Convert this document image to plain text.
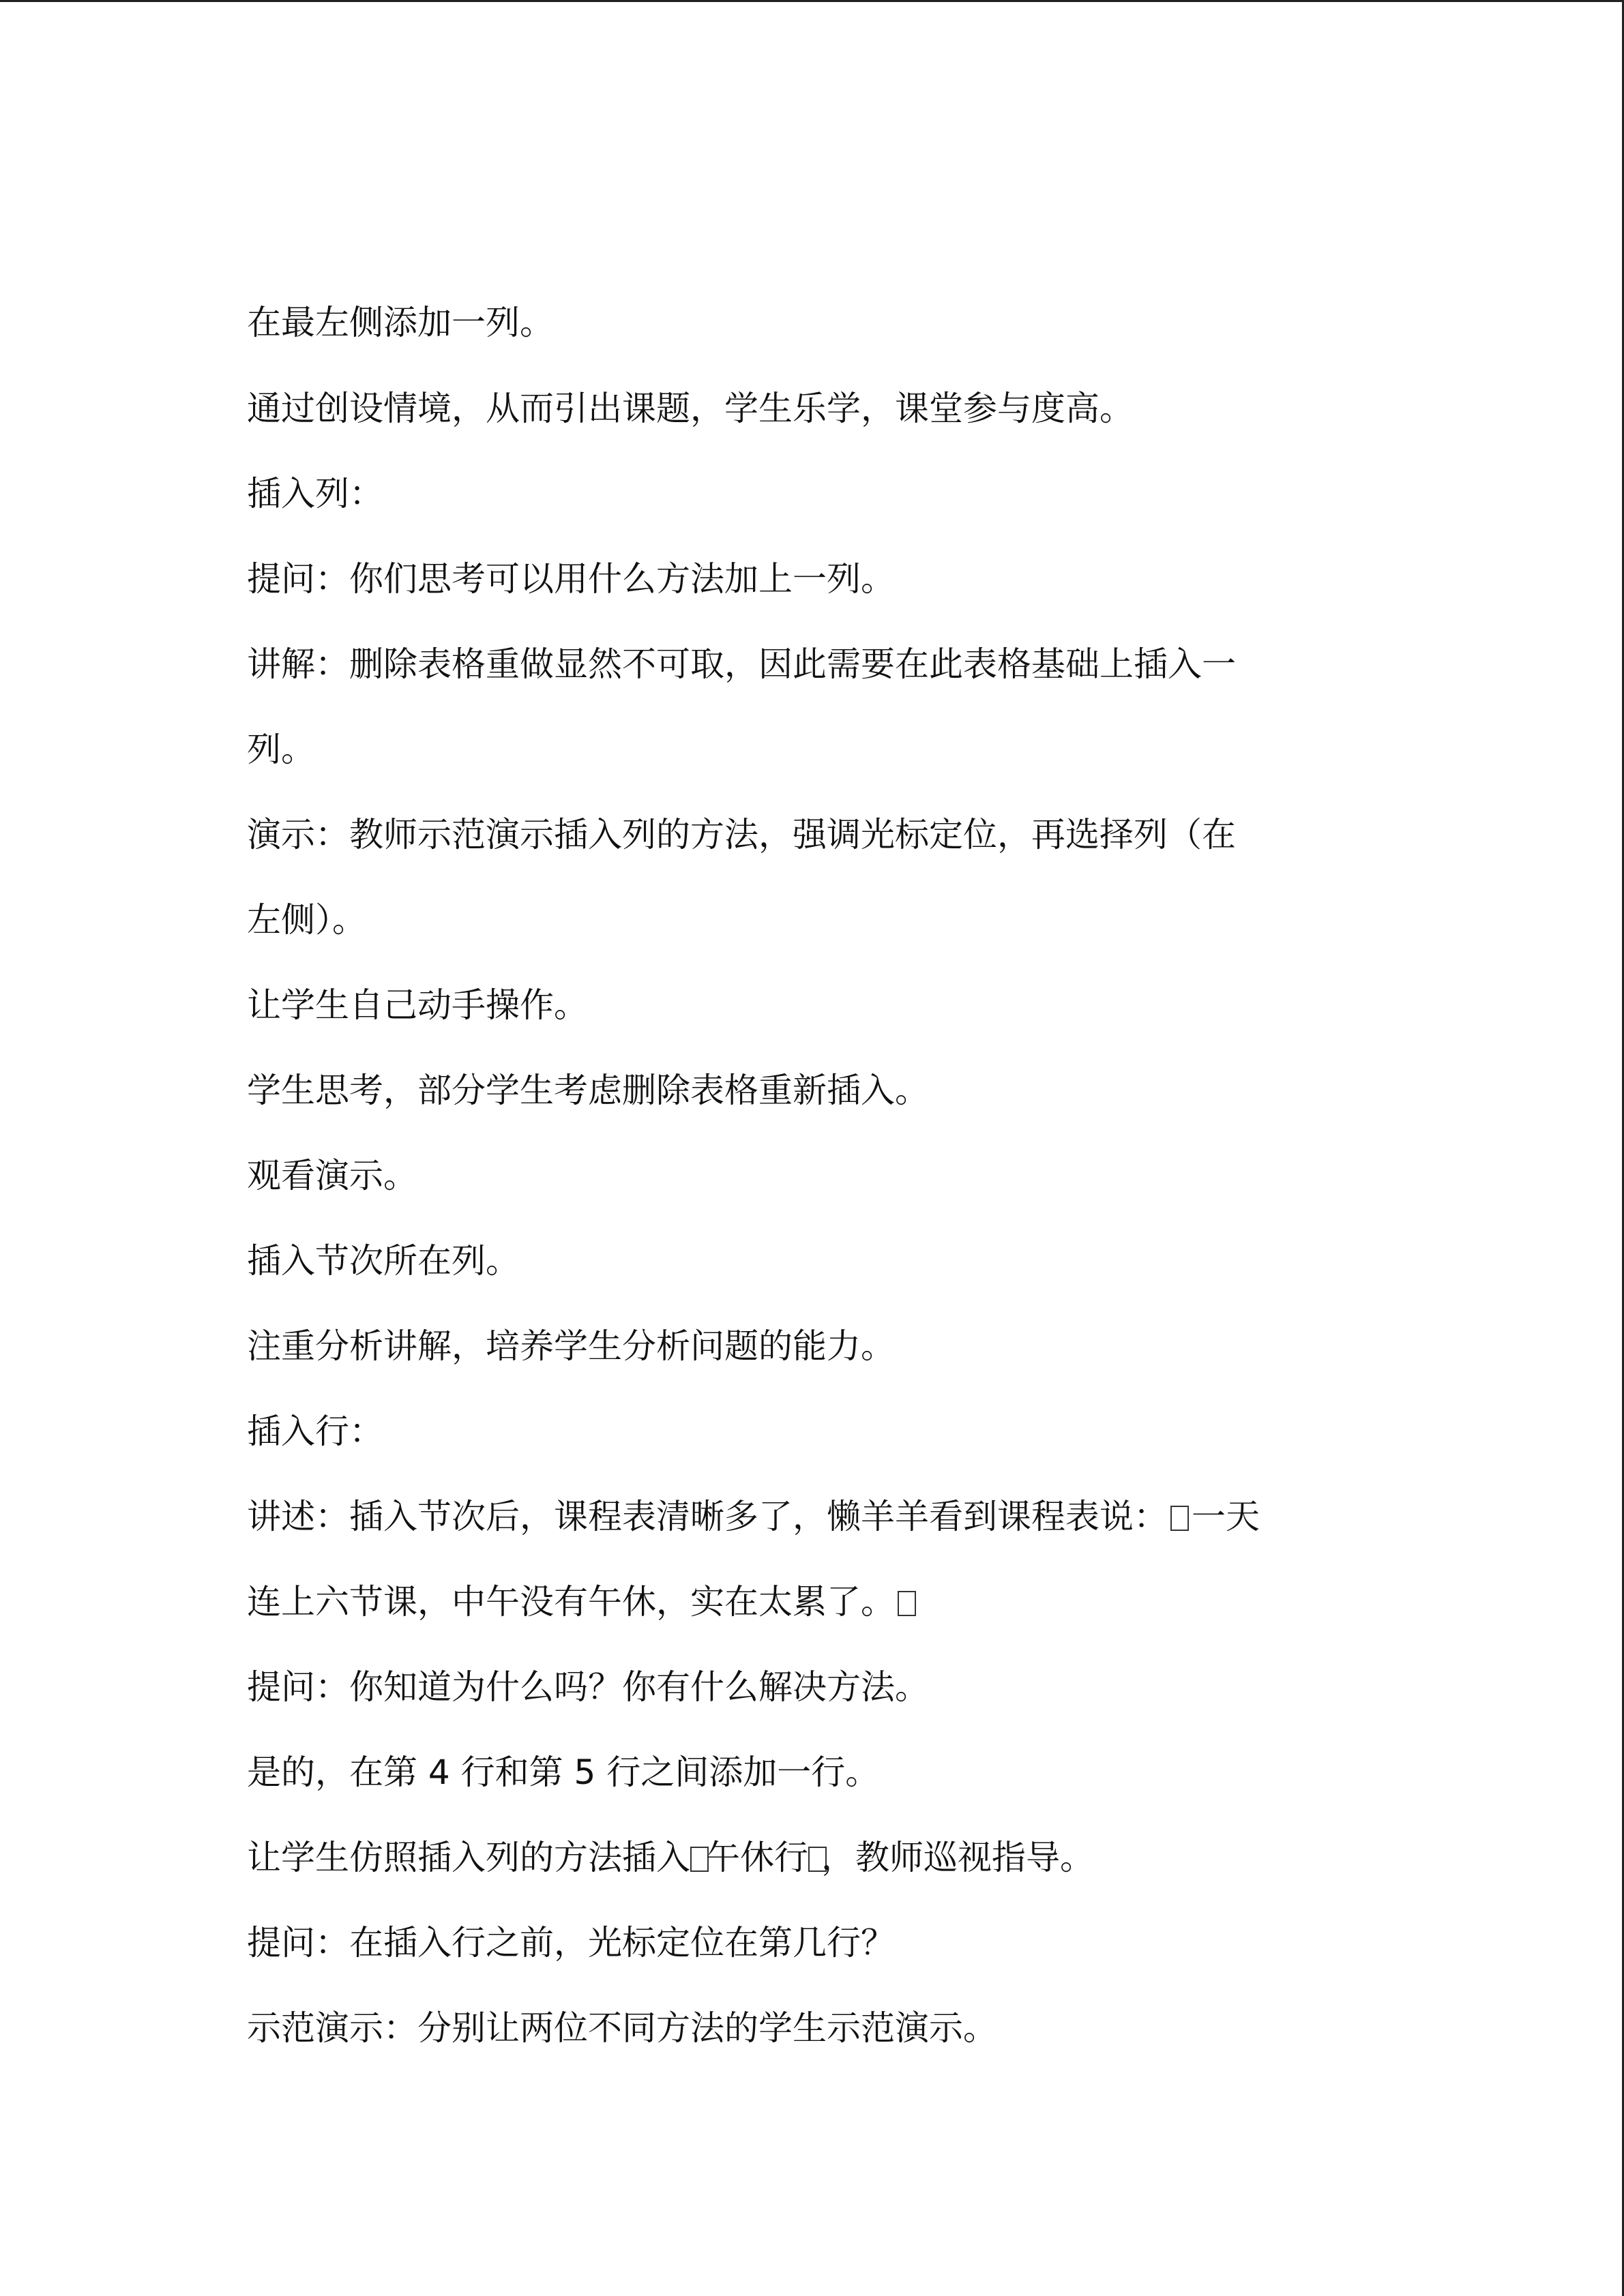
在最左侧添加一列。
通过创设情境，从而引出课题，学生乐学，课堂参与度高。
插入列：
提问：你们思考可以用什么方法加上一列。
讲解：删除表格重做显然不可取，因此需要在此表格基础上插入一
列。
演示：教师示范演示插入列的方法，强调光标定位，再选择列（在
左侧）。
让学生自己动手操作。
学生思考，部分学生考虑删除表格重新插入。
观看演示。
插入节次所在列。
注重分析讲解，培养学生分析问题的能力。
插入行：
讲述：插入节次后，课程表清晰多了，懒羊羊看到课程表说： 一天
连上六节课，中午没有午休，实在太累了。
提问：你知道为什么吗？你有什么解决方法。
是的，在第 4 行和第 5 行之间添加一行。
让学生仿照插入列的方法插入 午休行 ，教师巡视指导。
提问：在插入行之前，光标定位在第几行？
示范演示：分别让两位不同方法的学生示范演示。
